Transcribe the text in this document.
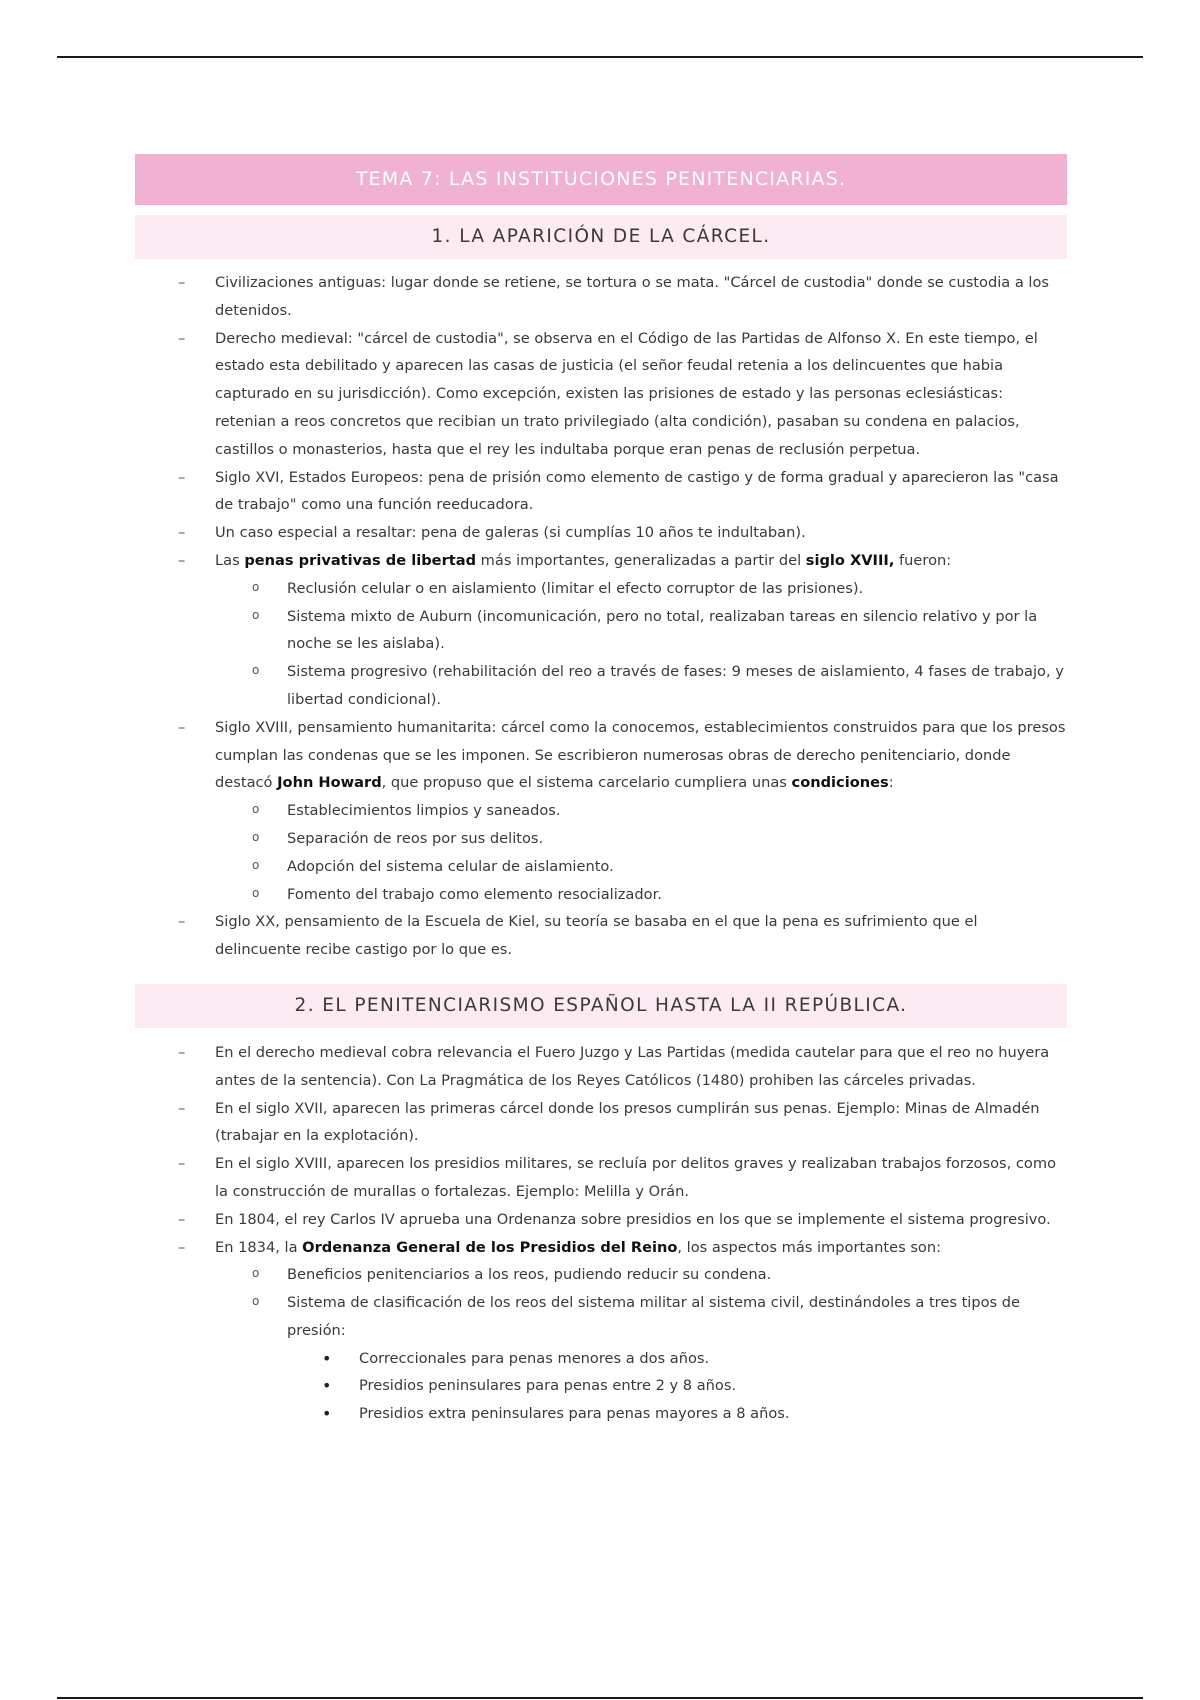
TEMA 7: LAS INSTITUCIONES PENITENCIARIAS.
1. LA APARICIÓN DE LA CÁRCEL.
– Civilizaciones antiguas: lugar donde se retiene, se tortura o se mata. "Cárcel de custodia" donde se custodia a los detenidos.
– Derecho medieval: "cárcel de custodia", se observa en el Código de las Partidas de Alfonso X. En este tiempo, el estado esta debilitado y aparecen las casas de justicia (el señor feudal retenia a los delincuentes que habia capturado en su jurisdicción). Como excepción, existen las prisiones de estado y las personas eclesiásticas: retenian a reos concretos que recibian un trato privilegiado (alta condición), pasaban su condena en palacios, castillos o monasterios, hasta que el rey les indultaba porque eran penas de reclusión perpetua.
– Siglo XVI, Estados Europeos: pena de prisión como elemento de castigo y de forma gradual y aparecieron las "casa de trabajo" como una función reeducadora.
– Un caso especial a resaltar: pena de galeras (si cumplías 10 años te indultaban).
– Las penas privativas de libertad más importantes, generalizadas a partir del siglo XVIII, fueron:
o Reclusión celular o en aislamiento (limitar el efecto corruptor de las prisiones).
o Sistema mixto de Auburn (incomunicación, pero no total, realizaban tareas en silencio relativo y por la noche se les aislaba).
o Sistema progresivo (rehabilitación del reo a través de fases: 9 meses de aislamiento, 4 fases de trabajo, y libertad condicional).
– Siglo XVIII, pensamiento humanitarita: cárcel como la conocemos, establecimientos construidos para que los presos cumplan las condenas que se les imponen. Se escribieron numerosas obras de derecho penitenciario, donde destacó John Howard, que propuso que el sistema carcelario cumpliera unas condiciones:
o Establecimientos limpios y saneados.
o Separación de reos por sus delitos.
o Adopción del sistema celular de aislamiento.
o Fomento del trabajo como elemento resocializador.
– Siglo XX, pensamiento de la Escuela de Kiel, su teoría se basaba en el que la pena es sufrimiento que el delincuente recibe castigo por lo que es.
2. EL PENITENCIARISMO ESPAÑOL HASTA LA II REPÚBLICA.
– En el derecho medieval cobra relevancia el Fuero Juzgo y Las Partidas (medida cautelar para que el reo no huyera antes de la sentencia). Con La Pragmática de los Reyes Católicos (1480) prohiben las cárceles privadas.
– En el siglo XVII, aparecen las primeras cárcel donde los presos cumplirán sus penas. Ejemplo: Minas de Almadén (trabajar en la explotación).
– En el siglo XVIII, aparecen los presidios militares, se recluía por delitos graves y realizaban trabajos forzosos, como la construcción de murallas o fortalezas. Ejemplo: Melilla y Orán.
– En 1804, el rey Carlos IV aprueba una Ordenanza sobre presidios en los que se implemente el sistema progresivo.
– En 1834, la Ordenanza General de los Presidios del Reino, los aspectos más importantes son:
o Beneficios penitenciarios a los reos, pudiendo reducir su condena.
o Sistema de clasificación de los reos del sistema militar al sistema civil, destinándoles a tres tipos de presión:
• Correccionales para penas menores a dos años.
• Presidios peninsulares para penas entre 2 y 8 años.
• Presidios extra peninsulares para penas mayores a 8 años.
